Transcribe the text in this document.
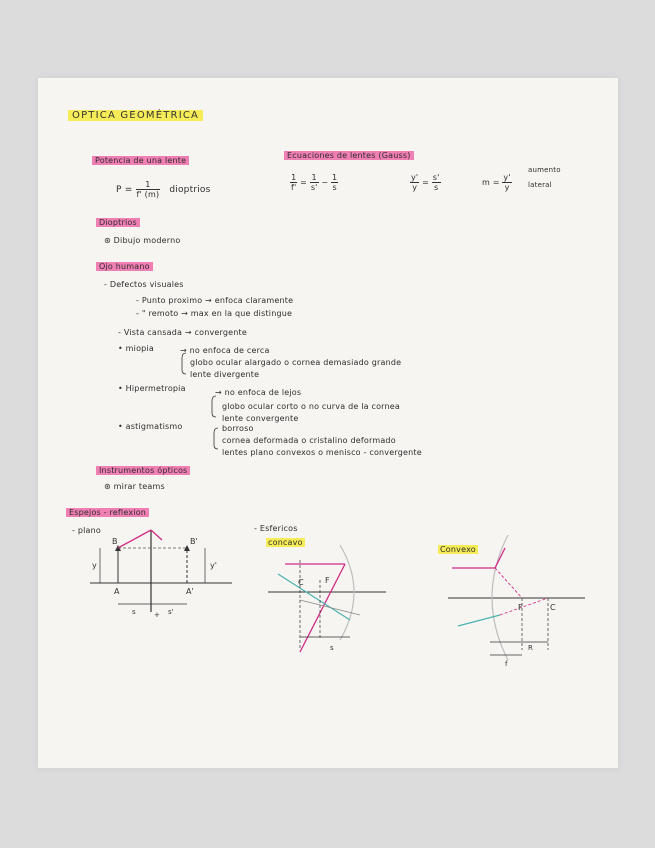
OPTICA GEOMÉTRICA
Potencia de una lente
$P = \frac{1}{f' (m)}$ dioptrios
Ecuaciones de lentes (Gauss)
$\frac{1}{f'} = \frac{1}{s'} - \frac{1}{s}$	$\frac{y'}{y} = \frac{s'}{s}$	$m = \frac{y'}{y}$
aumento
lateral
Dioptrios
⊛ Dibujo moderno
Ojo humano
- Defectos visuales
- Punto proximo → enfoca claramente
- " remoto → max en la que distingue
- Vista cansada → convergente
• miopia	→ no enfoca de cerca
globo ocular alargado o cornea demasiado grande
lente divergente
• Hipermetropia	→ no enfoca de lejos
globo ocular corto o no curva de la cornea
lente convergente
• astigmatismo	borroso
cornea deformada o cristalino deformado
lentes plano convexos o menisco - convergente
Instrumentos ópticos
⊛ mirar teams
Espejos - reflexion
- plano	- Esfericos
concavo
Convexo
B	B'
A	A'
y	y'
s	s'
+
C	F
s
F	C
R
f
